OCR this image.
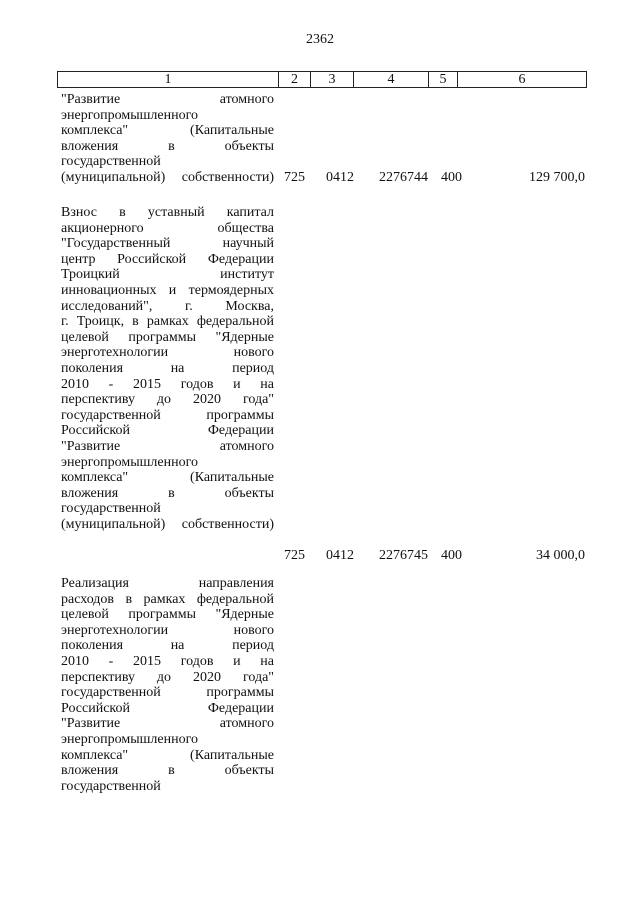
2362
1	2	3	4	5	6
"Развитие атомного
энергопромышленного
комплекса" (Капитальные
вложения в объекты
государственной
(муниципальной) собственности) 725 0412 2276744 400	129 700,0
Взнос в уставный капитал
акционерного общества
"Государственный научный
центр Российской Федерации
Троицкий институт
инновационных и термоядерных
исследований", г. Москва,
г. Троицк, в рамках федеральной
целевой программы "Ядерные
энерготехнологии нового
поколения на период
2010 - 2015 годов и на
перспективу до 2020 года"
государственной программы
Российской Федерации
"Развитие атомного
энергопромышленного
комплекса" (Капитальные
вложения в объекты
государственной
(муниципальной) собственности)
725 0412 2276745 400	34 000,0
Реализация направления
расходов в рамках федеральной
целевой программы "Ядерные
энерготехнологии нового
поколения на период
2010 - 2015 годов и на
перспективу до 2020 года"
государственной программы
Российской Федерации
"Развитие атомного
энергопромышленного
комплекса" (Капитальные
вложения в объекты
государственной
